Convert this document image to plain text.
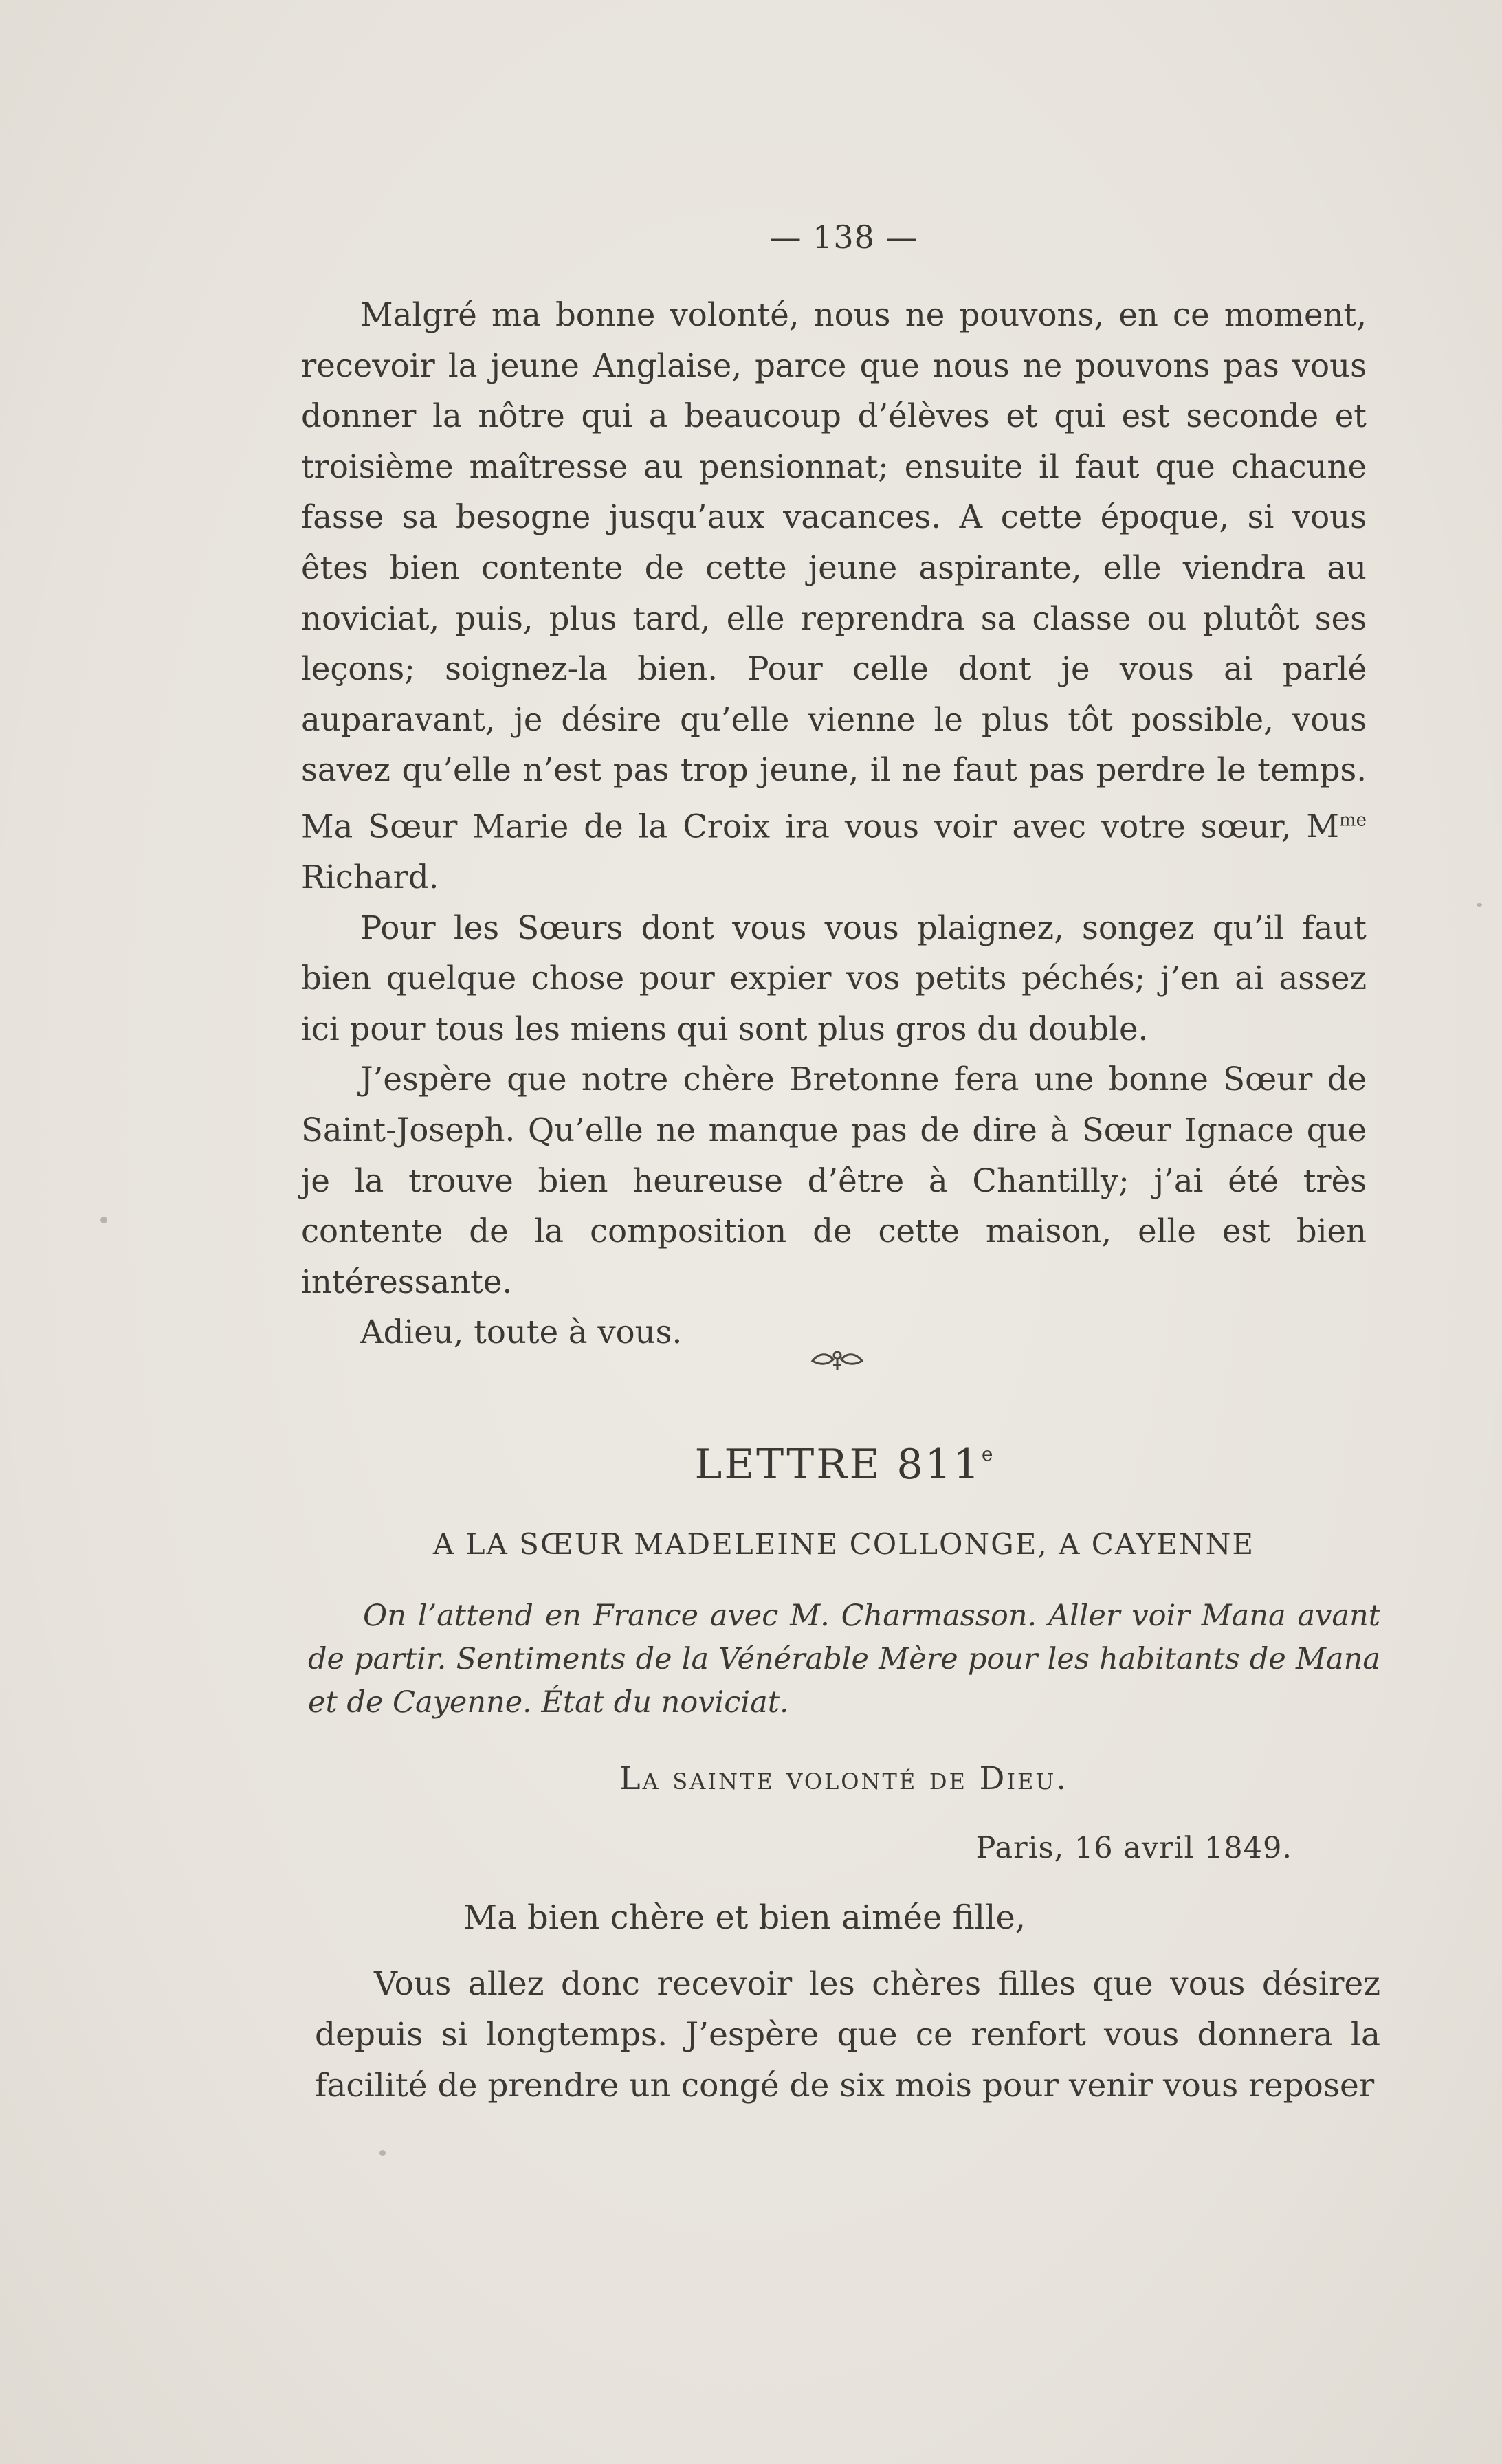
— 138 —

Malgré ma bonne volonté, nous ne pouvons, en ce moment, recevoir la jeune Anglaise, parce que nous ne pouvons pas vous donner la nôtre qui a beaucoup d’élèves et qui est seconde et troisième maîtresse au pensionnat; ensuite il faut que chacune fasse sa besogne jusqu’aux vacances. A cette époque, si vous êtes bien contente de cette jeune aspirante, elle viendra au noviciat, puis, plus tard, elle reprendra sa classe ou plutôt ses leçons; soignez-la bien. Pour celle dont je vous ai parlé auparavant, je désire qu’elle vienne le plus tôt possible, vous savez qu’elle n’est pas trop jeune, il ne faut pas perdre le temps. Ma Sœur Marie de la Croix ira vous voir avec votre sœur, $M^{me}$ Richard.

Pour les Sœurs dont vous vous plaignez, songez qu’il faut bien quelque chose pour expier vos petits péchés; j’en ai assez ici pour tous les miens qui sont plus gros du double.

J’espère que notre chère Bretonne fera une bonne Sœur de Saint-Joseph. Qu’elle ne manque pas de dire à Sœur Ignace que je la trouve bien heureuse d’être à Chantilly; j’ai été très contente de la composition de cette maison, elle est bien intéressante.

Adieu, toute à vous.

LETTRE 811e
A LA SŒUR MADELEINE COLLONGE, A CAYENNE
On l’attend en France avec M. Charmasson. Aller voir Mana avant de partir. Sentiments de la Vénérable Mère pour les habitants de Mana et de Cayenne. État du noviciat.
La sainte volonté de Dieu.
Paris, 16 avril 1849.
Ma bien chère et bien aimée fille,

Vous allez donc recevoir les chères filles que vous désirez depuis si longtemps. J’espère que ce renfort vous donnera la facilité de prendre un congé de six mois pour venir vous reposer
